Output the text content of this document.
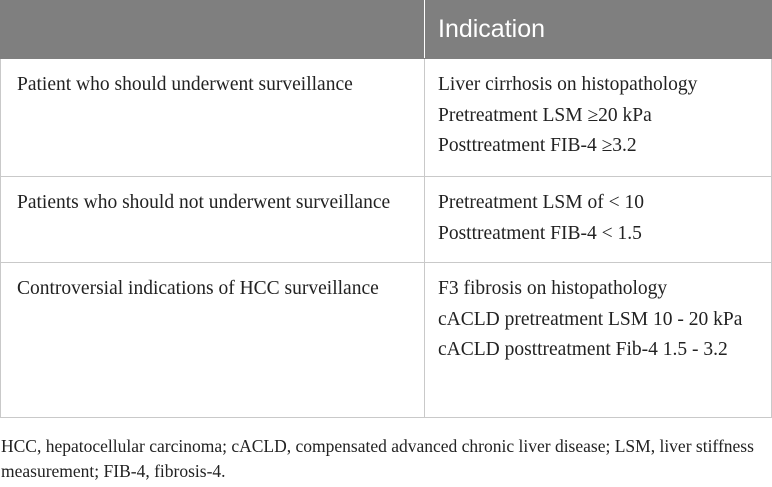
	Indication
Patient who should underwent surveillance	Liver cirrhosis on histopathology
Pretreatment LSM ≥20 kPa
Posttreatment FIB-4 ≥3.2

Patients who should not underwent surveillance	Pretreatment LSM of < 10
Posttreatment FIB-4 < 1.5

Controversial indications of HCC surveillance	F3 fibrosis on histopathology
cACLD pretreatment LSM 10 - 20 kPa
cACLD posttreatment Fib-4 1.5 - 3.2
HCC, hepatocellular carcinoma; cACLD, compensated advanced chronic liver disease; LSM, liver stiffness measurement; FIB-4, fibrosis-4.
